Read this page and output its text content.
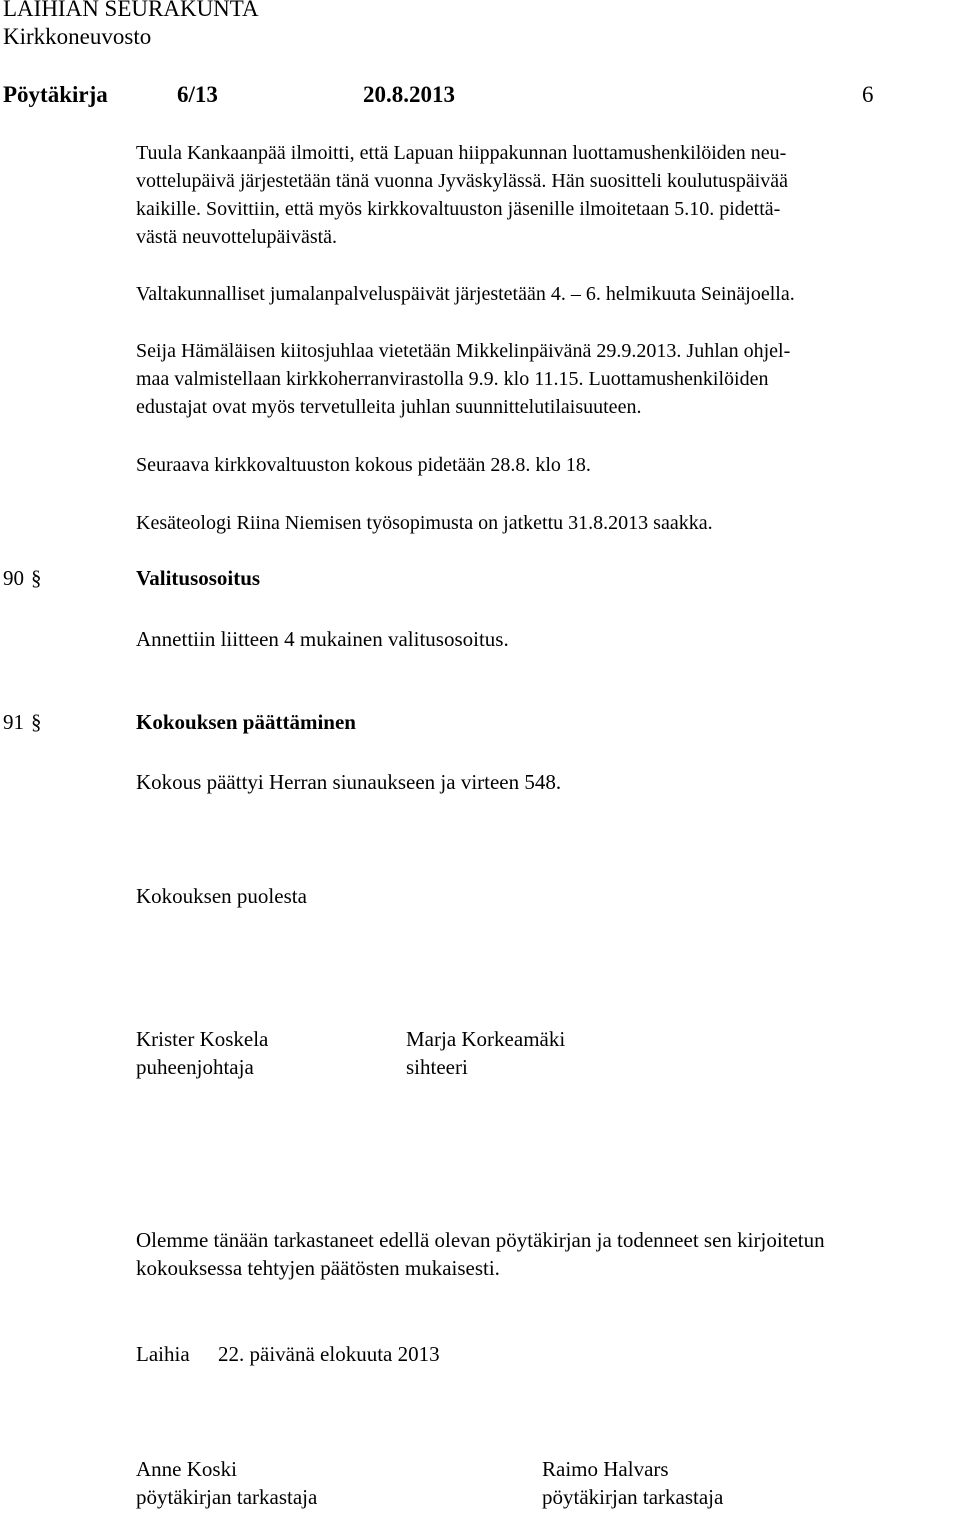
LAIHIAN SEURAKUNTA
Kirkkoneuvosto
Pöytäkirja	6/13	20.8.2013	6
Tuula Kankaanpää ilmoitti, että Lapuan hiippakunnan luottamushenkilöiden neu-
vottelupäivä järjestetään tänä vuonna Jyväskylässä. Hän suositteli koulutuspäivää
kaikille. Sovittiin, että myös kirkkovaltuuston jäsenille ilmoitetaan 5.10. pidettä-
västä neuvottelupäivästä.
Valtakunnalliset jumalanpalveluspäivät järjestetään 4. – 6. helmikuuta Seinäjoella.
Seija Hämäläisen kiitosjuhlaa vietetään Mikkelinpäivänä 29.9.2013. Juhlan ohjel-
maa valmistellaan kirkkoherranvirastolla 9.9. klo 11.15. Luottamushenkilöiden
edustajat ovat myös tervetulleita juhlan suunnittelutilaisuuteen.
Seuraava kirkkovaltuuston kokous pidetään 28.8. klo 18.
Kesäteologi Riina Niemisen työsopimusta on jatkettu 31.8.2013 saakka.
90 §	Valitusosoitus
Annettiin liitteen 4 mukainen valitusosoitus.
91 §	Kokouksen päättäminen
Kokous päättyi Herran siunaukseen ja virteen 548.
Kokouksen puolesta
Krister Koskela
puheenjohtaja
Marja Korkeamäki
sihteeri
Olemme tänään tarkastaneet edellä olevan pöytäkirjan ja todenneet sen kirjoitetun
kokouksessa tehtyjen päätösten mukaisesti.
Laihia 22. päivänä elokuuta 2013
Anne Koski
pöytäkirjan tarkastaja
Raimo Halvars
pöytäkirjan tarkastaja
